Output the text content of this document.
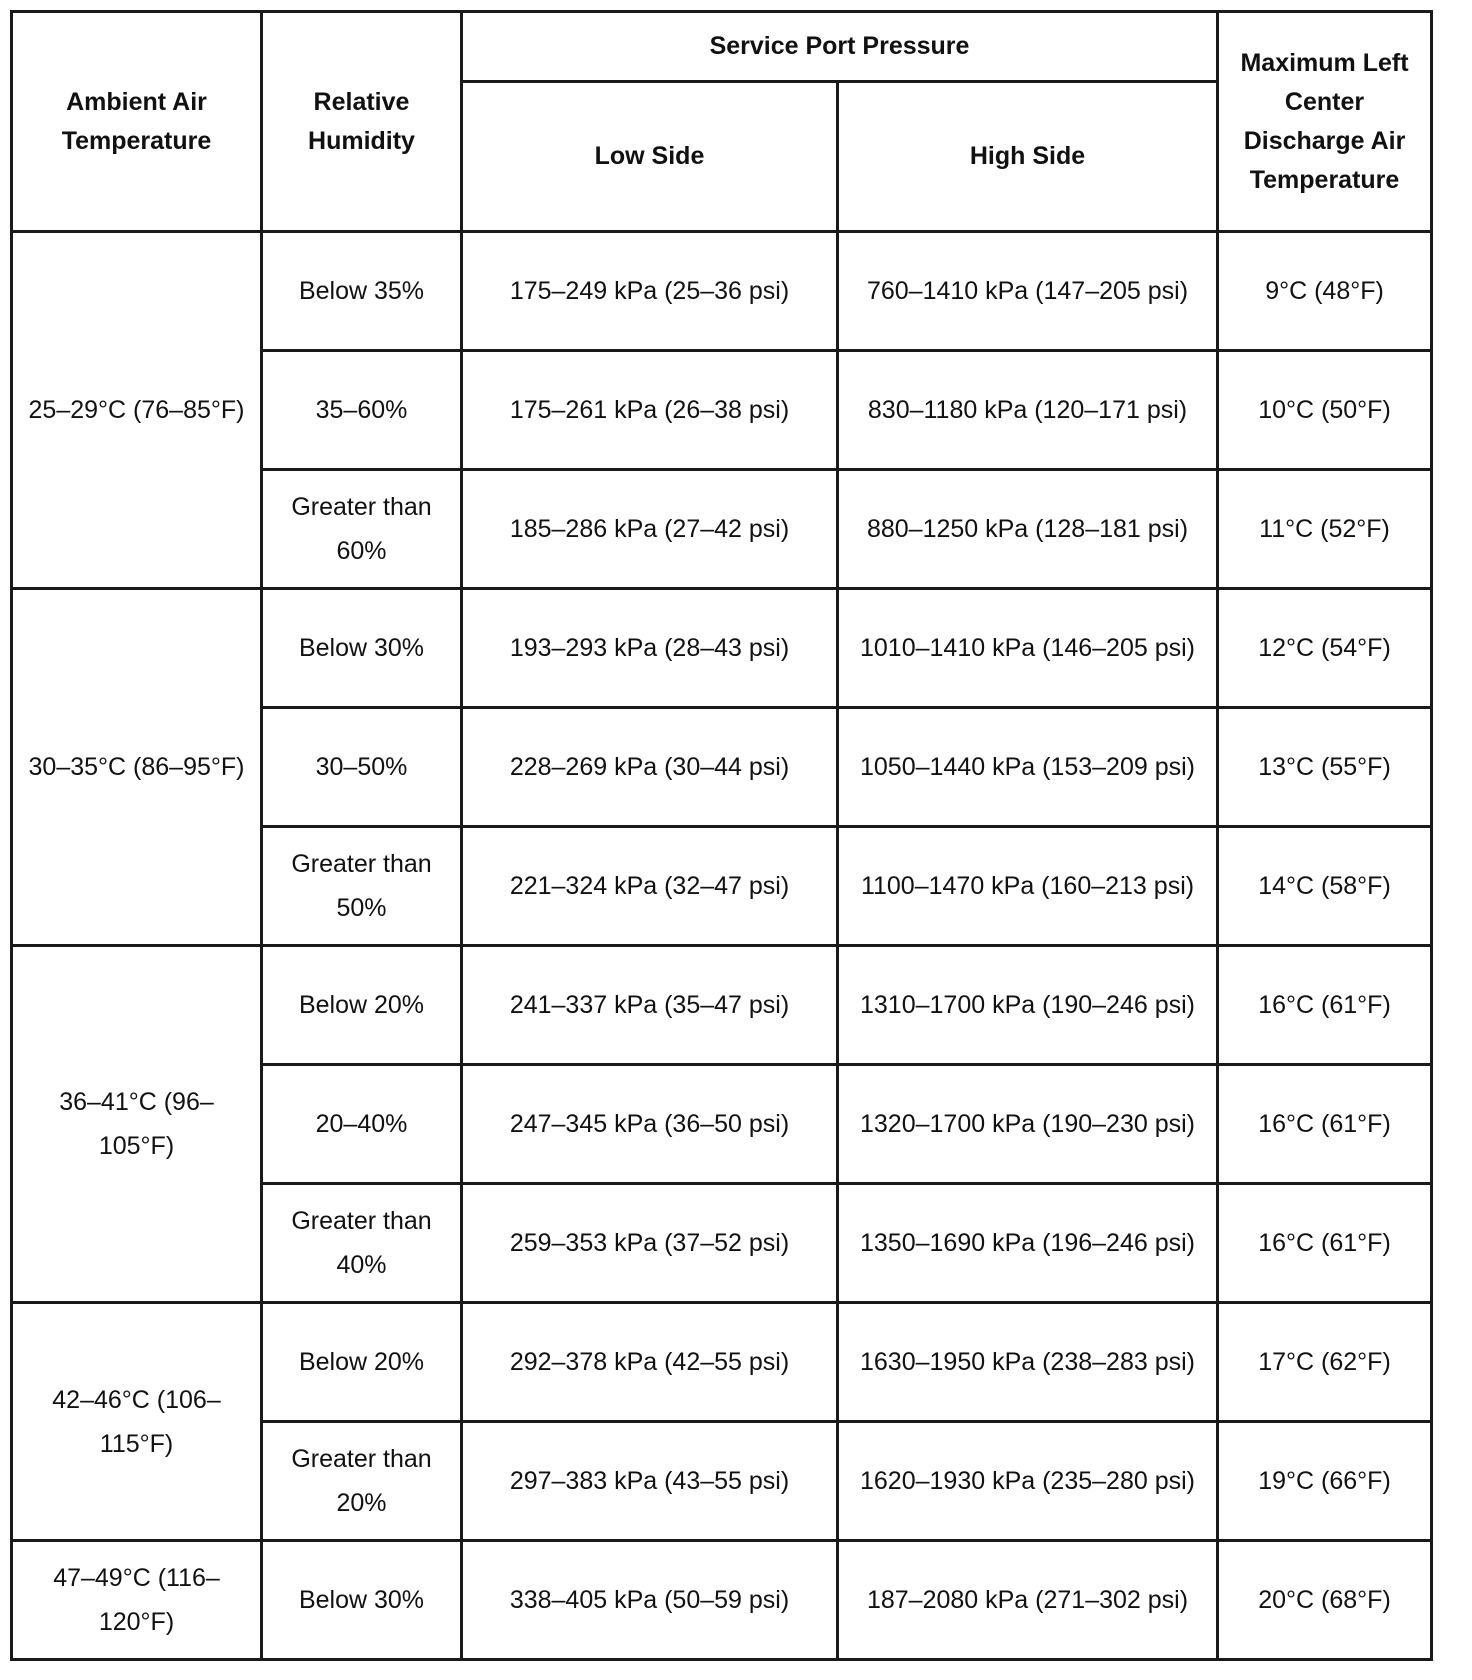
Ambient Air Temperature	Relative Humidity	Service Port Pressure		Maximum Left Center Discharge Air Temperature
		Low Side	High Side	
25–29°C (76–85°F)	Below 35%	175–249 kPa (25–36 psi)	760–1410 kPa (147–205 psi)	9°C (48°F)
	35–60%	175–261 kPa (26–38 psi)	830–1180 kPa (120–171 psi)	10°C (50°F)
	Greater than 60%	185–286 kPa (27–42 psi)	880–1250 kPa (128–181 psi)	11°C (52°F)
30–35°C (86–95°F)	Below 30%	193–293 kPa (28–43 psi)	1010–1410 kPa (146–205 psi)	12°C (54°F)
	30–50%	228–269 kPa (30–44 psi)	1050–1440 kPa (153–209 psi)	13°C (55°F)
	Greater than 50%	221–324 kPa (32–47 psi)	1100–1470 kPa (160–213 psi)	14°C (58°F)
36–41°C (96–105°F)	Below 20%	241–337 kPa (35–47 psi)	1310–1700 kPa (190–246 psi)	16°C (61°F)
	20–40%	247–345 kPa (36–50 psi)	1320–1700 kPa (190–230 psi)	16°C (61°F)
	Greater than 40%	259–353 kPa (37–52 psi)	1350–1690 kPa (196–246 psi)	16°C (61°F)
42–46°C (106–115°F)	Below 20%	292–378 kPa (42–55 psi)	1630–1950 kPa (238–283 psi)	17°C (62°F)
	Greater than 20%	297–383 kPa (43–55 psi)	1620–1930 kPa (235–280 psi)	19°C (66°F)
47–49°C (116–120°F)	Below 30%	338–405 kPa (50–59 psi)	187–2080 kPa (271–302 psi)	20°C (68°F)
